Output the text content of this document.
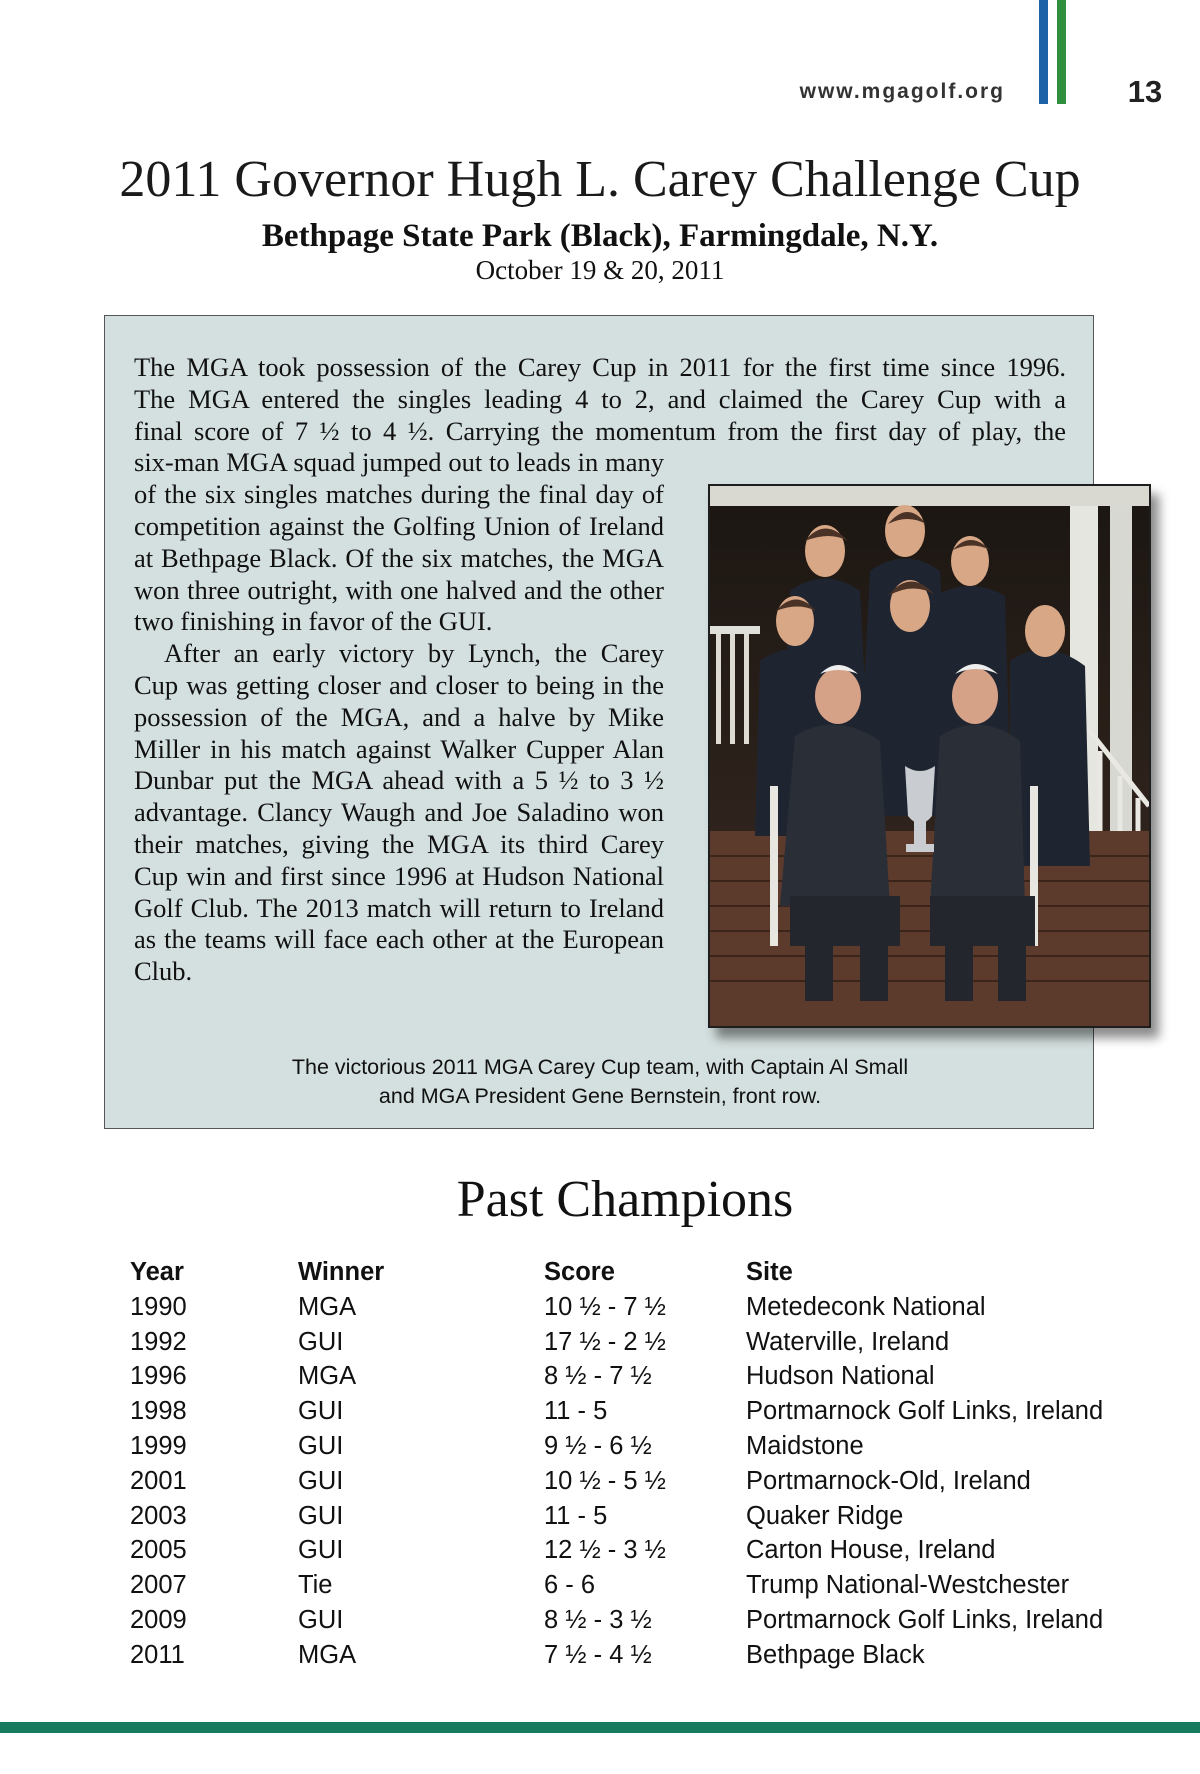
www.mgagolf.org	13
2011 Governor Hugh L. Carey Challenge Cup
Bethpage State Park (Black), Farmingdale, N.Y.
October 19 & 20, 2011
The MGA took possession of the Carey Cup in 2011 for the first time since 1996.
The MGA entered the singles leading 4 to 2, and claimed the Carey Cup with a
final score of 7 ½ to 4 ½. Carrying the momentum from the first day of play, the
six-man MGA squad jumped out to leads in many of the six singles matches during the final day of competition against the Golfing Union of Ireland at Bethpage Black. Of the six matches, the MGA won three outright, with one halved and the other two finishing in favor of the GUI.
After an early victory by Lynch, the Carey Cup was getting closer and closer to being in the possession of the MGA, and a halve by Mike Miller in his match against Walker Cupper Alan Dunbar put the MGA ahead with a 5 ½ to 3 ½ advantage. Clancy Waugh and Joe Saladino won their matches, giving the MGA its third Carey Cup win and first since 1996 at Hudson National Golf Club. The 2013 match will return to Ireland as the teams will face each other at the European Club.
The victorious 2011 MGA Carey Cup team, with Captain Al Small
and MGA President Gene Bernstein, front row.
Past Champions
Year	Winner	Score	Site
1990	MGA	10 ½ - 7 ½	Metedeconk National
1992	GUI	17 ½ - 2 ½	Waterville, Ireland
1996	MGA	8 ½ - 7 ½	Hudson National
1998	GUI	11 - 5	Portmarnock Golf Links, Ireland
1999	GUI	9 ½ - 6 ½	Maidstone
2001	GUI	10 ½ - 5 ½	Portmarnock-Old, Ireland
2003	GUI	11 - 5	Quaker Ridge
2005	GUI	12 ½ - 3 ½	Carton House, Ireland
2007	Tie	6 - 6	Trump National-Westchester
2009	GUI	8 ½ - 3 ½	Portmarnock Golf Links, Ireland
2011	MGA	7 ½ - 4 ½	Bethpage Black
